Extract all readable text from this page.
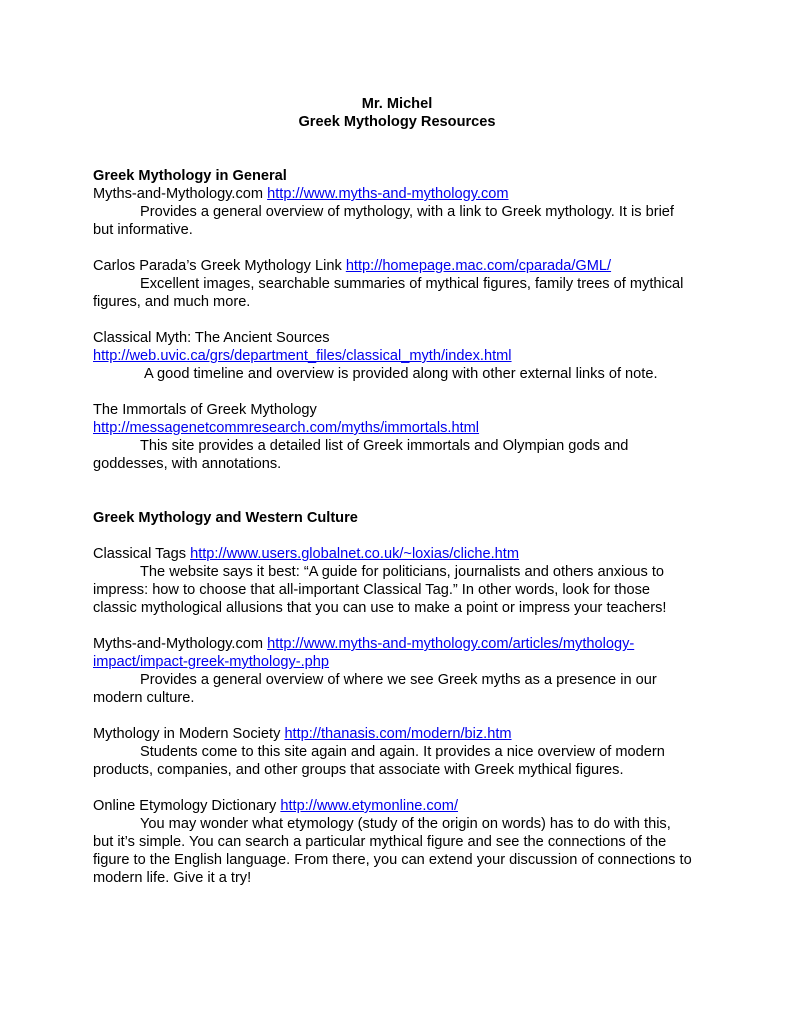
Mr. Michel

Greek Mythology Resources

Greek Mythology in General

Myths-and-Mythology.com http://www.myths-and-mythology.com

Provides a general overview of mythology, with a link to Greek mythology. It is brief but informative.

Carlos Parada’s Greek Mythology Link http://homepage.mac.com/cparada/GML/

Excellent images, searchable summaries of mythical figures, family trees of mythical figures, and much more.

Classical Myth: The Ancient Sources

http://web.uvic.ca/grs/department_files/classical_myth/index.html

A good timeline and overview is provided along with other external links of note.

The Immortals of Greek Mythology

http://messagenetcommresearch.com/myths/immortals.html

This site provides a detailed list of Greek immortals and Olympian gods and goddesses, with annotations.

Greek Mythology and Western Culture

Classical Tags http://www.users.globalnet.co.uk/~loxias/cliche.htm

The website says it best: “A guide for politicians, journalists and others anxious to impress: how to choose that all-important Classical Tag.” In other words, look for those classic mythological allusions that you can use to make a point or impress your teachers!

Myths-and-Mythology.com http://www.myths-and-mythology.com/articles/mythology-impact/impact-greek-mythology-.php

Provides a general overview of where we see Greek myths as a presence in our modern culture.

Mythology in Modern Society http://thanasis.com/modern/biz.htm

Students come to this site again and again. It provides a nice overview of modern products, companies, and other groups that associate with Greek mythical figures.

Online Etymology Dictionary http://www.etymonline.com/

You may wonder what etymology (study of the origin on words) has to do with this, but it’s simple. You can search a particular mythical figure and see the connections of the figure to the English language. From there, you can extend your discussion of connections to modern life. Give it a try!
